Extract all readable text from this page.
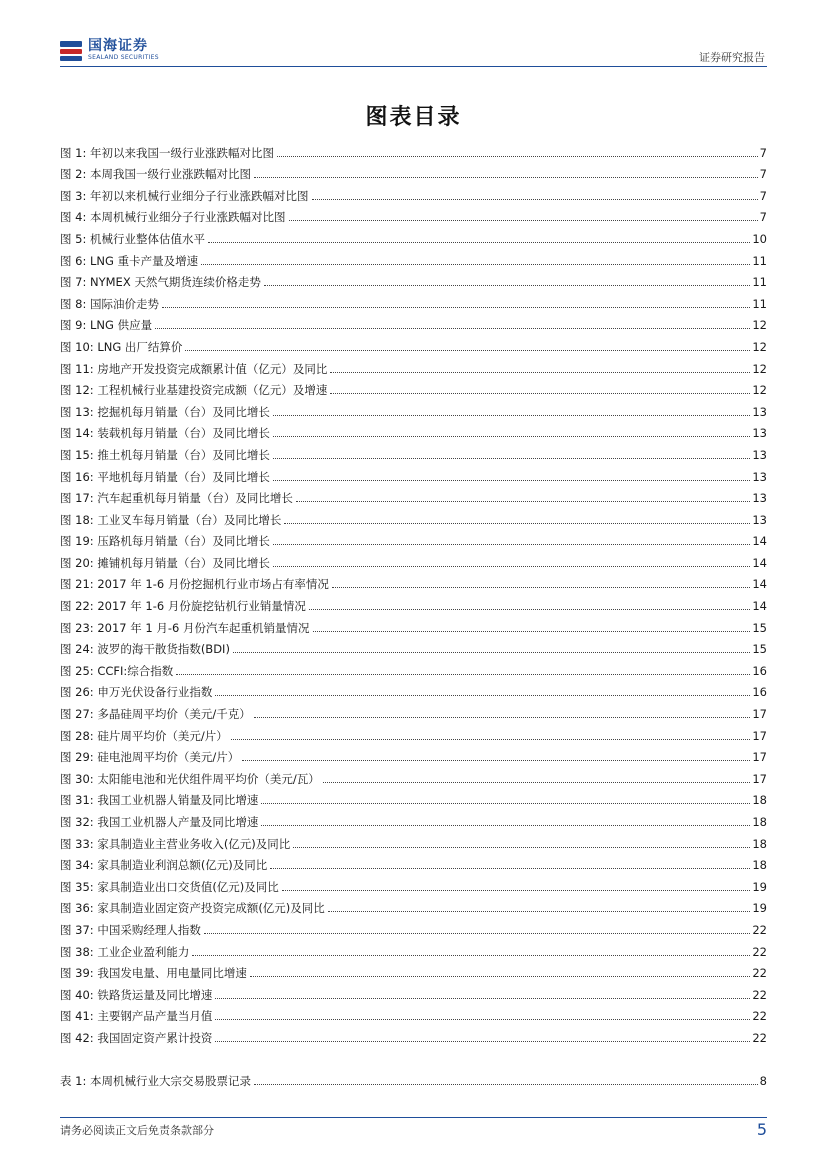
国海证券
SEALAND SECURITIES	证券研究报告
图表目录
图 1: 年初以来我国一级行业涨跌幅对比图	7
图 2: 本周我国一级行业涨跌幅对比图	7
图 3: 年初以来机械行业细分子行业涨跌幅对比图	7
图 4: 本周机械行业细分子行业涨跌幅对比图	7
图 5: 机械行业整体估值水平	10
图 6: LNG 重卡产量及增速	11
图 7: NYMEX 天然气期货连续价格走势	11
图 8: 国际油价走势	11
图 9: LNG 供应量	12
图 10: LNG 出厂结算价	12
图 11: 房地产开发投资完成额累计值（亿元）及同比	12
图 12: 工程机械行业基建投资完成额（亿元）及增速	12
图 13: 挖掘机每月销量（台）及同比增长	13
图 14: 装载机每月销量（台）及同比增长	13
图 15: 推土机每月销量（台）及同比增长	13
图 16: 平地机每月销量（台）及同比增长	13
图 17: 汽车起重机每月销量（台）及同比增长	13
图 18: 工业叉车每月销量（台）及同比增长	13
图 19: 压路机每月销量（台）及同比增长	14
图 20: 摊铺机每月销量（台）及同比增长	14
图 21: 2017 年 1-6 月份挖掘机行业市场占有率情况	14
图 22: 2017 年 1-6 月份旋挖钻机行业销量情况	14
图 23: 2017 年 1 月-6 月份汽车起重机销量情况	15
图 24: 波罗的海干散货指数(BDI)	15
图 25: CCFI:综合指数	16
图 26: 申万光伏设备行业指数	16
图 27: 多晶硅周平均价（美元/千克）	17
图 28: 硅片周平均价（美元/片）	17
图 29: 硅电池周平均价（美元/片）	17
图 30: 太阳能电池和光伏组件周平均价（美元/瓦）	17
图 31: 我国工业机器人销量及同比增速	18
图 32: 我国工业机器人产量及同比增速	18
图 33: 家具制造业主营业务收入(亿元)及同比	18
图 34: 家具制造业利润总额(亿元)及同比	18
图 35: 家具制造业出口交货值(亿元)及同比	19
图 36: 家具制造业固定资产投资完成额(亿元)及同比	19
图 37: 中国采购经理人指数	22
图 38: 工业企业盈利能力	22
图 39: 我国发电量、用电量同比增速	22
图 40: 铁路货运量及同比增速	22
图 41: 主要钢产品产量当月值	22
图 42: 我国固定资产累计投资	22
表 1: 本周机械行业大宗交易股票记录	8
请务必阅读正文后免责条款部分	5
